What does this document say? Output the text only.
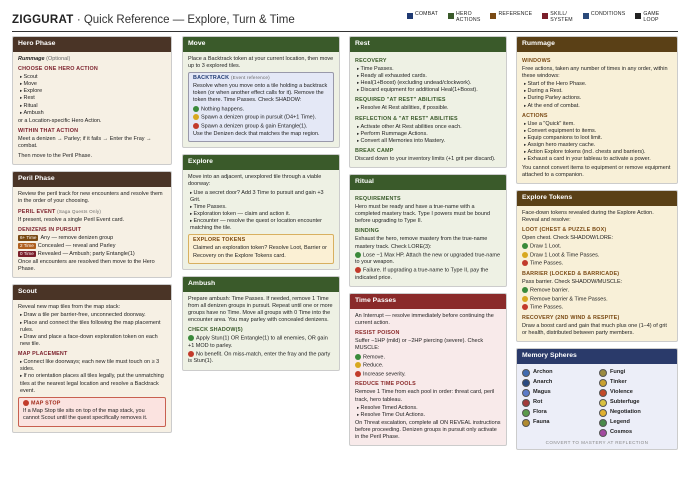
ZIGGURAT · Quick Reference — Explore, Turn & Time	COMBAT	HERO
ACTIONS
REFERENCE	SKILL/
SYSTEM
CONDITIONS	GAME
LOOP
Hero Phase

Rummage (Optional)

CHOOSE ONE HERO ACTION
▸ Scout
▸ Move
▸ Explore
▸ Rest
▸ Ritual
▸ Ambush

or a Location-specific Hero Action.

WITHIN THAT ACTION

Meet a denizen → Parley; if it fails → Enter the Fray → combat.

Then move to the Peril Phase.

Peril Phase

Review the peril track for new encounters and resolve them in the order of your choosing.

PERIL EVENT (Saga Quests Only)

If present, resolve a single Peril Event card.

DENIZENS IN PURSUIT

6+ Time Any — remove denizen group

2 Time Concealed — reveal and Parley

0 Time Revealed — Ambush; party Entangle(1)

Once all encounters are resolved then move to the Hero Phase.

Scout

Reveal new map tiles from the map stack:

▸ Draw a tile per barrier-free, unconnected doorway.
▸ Place and connect the tiles following the map placement rules.
▸ Draw and place a face-down exploration token on each new tile.
MAP PLACEMENT
▸ Connect like doorways; each new tile must touch on ≥ 3 sides.
▸ If no orientation places all tiles legally, put the unmatching tiles at the nearest legal location and resolve a Backtrack event.
MAP STOP

If a Map Stop tile sits on top of the map stack, you cannot Scout until the quest specifically removes it.

Move

Place a Backtrack token at your current location, then move up to 3 explored tiles.

BACKTRACK (Event reference)

Resolve when you move onto a tile holding a backtrack token (or when another effect calls for it). Remove the token there. Time Passes. Check SHADOW:

Nothing happens.

Spawn a denizen group in pursuit (D4+1 Time).

Spawn a denizen group & gain Entangle(1).

Use the Denizen deck that matches the map region.

Explore

Move into an adjacent, unexplored tile through a viable doorway:

▸ Use a secret door? Add 3 Time to pursuit and gain +3 Grit.
▸ Time Passes.
▸ Exploration token — claim and action it.
▸ Encounter — resolve the quest or location encounter matching the tile.
EXPLORE TOKENS

Claimed an exploration token? Resolve Loot, Barrier or Recovery on the Explore Tokens card.

Ambush

Prepare ambush: Time Passes. If needed, remove 1 Time from all denizen groups in pursuit. Repeat until one or more groups have no Time. Move all groups with 0 Time into the encounter area. You may parley with concealed denizens.

CHECK SHADOW(5)

Apply Stun(1) OR Entangle(1) to all enemies, OR gain +1 MOD to parley.

No benefit. On miss-match, enter the fray and the party is Stun(1).

Rest
RECOVERY
▸ Time Passes.
▸ Ready all exhausted cards.
▸ Heal(1+Boost) (excluding undead/clockwork).
▸ Discard equipment for additional Heal(1+Boost).
REQUIRED "AT REST" ABILITIES
▸ Resolve At Rest abilities, if possible.
REFLECTION & "AT REST" ABILITIES
▸ Activate other At Rest abilities once each.
▸ Perform Rummage Actions.
▸ Convert all Memories into Mastery.
BREAK CAMP

Discard down to your inventory limits (+1 grit per discard).

Ritual
REQUIREMENTS

Hero must be ready and have a true-name with a completed mastery track. Type I powers must be bound before upgrading to Type II.

BINDING

Exhaust the hero, remove mastery from the true-name mastery track. Check LORE(3):

Lose −1 Max HP. Attach the new or upgraded true-name to your weapon.

Failure. If upgrading a true-name to Type II, pay the indicated price.

Time Passes

An Interrupt — resolve immediately before continuing the current action.

RESIST POISON

Suffer −1HP (mild) or −2HP piercing (severe). Check MUSCLE:

Remove.

Reduce.

Increase severity.

REDUCE TIME POOLS

Remove 1 Time from each pool in order: threat card, peril track, hero tableau.

▸ Resolve Timed Actions.
▸ Resolve Time Out Actions.

On Threat escalation, complete all ON REVEAL instructions before proceeding. Denizen groups in pursuit only activate in the Peril Phase.

Rummage
WINDOWS

Free actions, taken any number of times in any order, within these windows:

▸ Start of the Hero Phase.
▸ During a Rest.
▸ During Parley actions.
▸ At the end of combat.
ACTIONS
▸ Use a "Quick" item.
▸ Convert equipment to items.
▸ Equip companions to loot limit.
▸ Assign hero mastery cache.
▸ Action Explore tokens (incl. chests and barriers).
▸ Exhaust a card in your tableau to activate a power.

You cannot convert items to equipment or remove equipment attached to a companion.

Explore Tokens

Face-down tokens revealed during the Explore Action. Reveal and resolve:

LOOT (CHEST & PUZZLE BOX)

Open chest. Check SHADOW/LORE:

Draw 1 Loot.

Draw 1 Loot & Time Passes.

Time Passes.

BARRIER (LOCKED & BARRICADE)

Pass barrier. Check SHADOW/MUSCLE:

Remove barrier.

Remove barrier & Time Passes.

Time Passes.

RECOVERY (2ND WIND & RESPITE)

Draw a boost card and gain that much plus one (1–4) of grit or health, distributed between party members.

Memory Spheres
Archon	Fungi
Anarch	Tinker
Magus	Violence
Rot	Subterfuge
Flora	Negotiation
Fauna	Legend
Cosmos
CONVERT TO MASTERY AT REFLECTION
